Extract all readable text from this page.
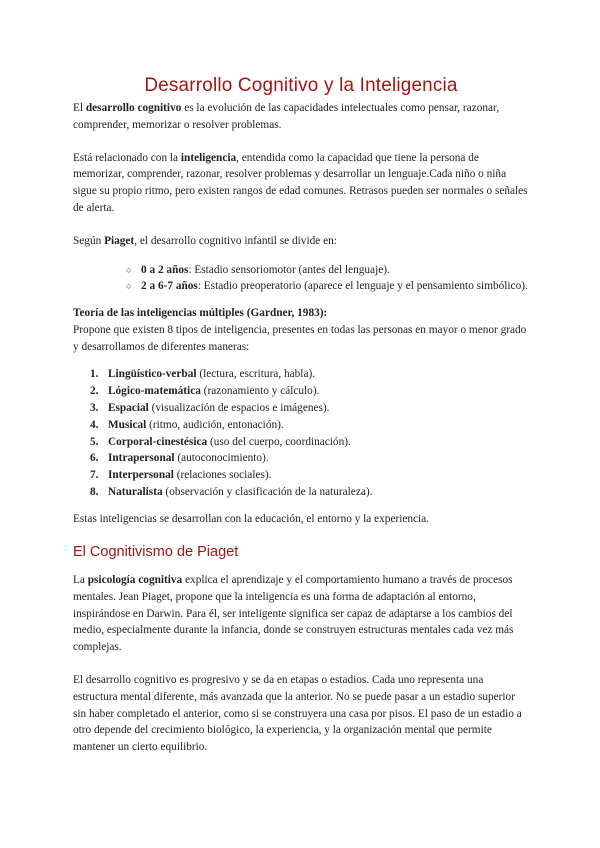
Desarrollo Cognitivo y la Inteligencia

El desarrollo cognitivo es la evolución de las capacidades intelectuales como pensar, razonar, comprender, memorizar o resolver problemas.

Está relacionado con la inteligencia, entendida como la capacidad que tiene la persona de memorizar, comprender, razonar, resolver problemas y desarrollar un lenguaje.Cada niño o niña sigue su propio ritmo, pero existen rangos de edad comunes. Retrasos pueden ser normales o señales de alerta.

Según Piaget, el desarrollo cognitivo infantil se divide en:

○ 0 a 2 años: Estadio sensoriomotor (antes del lenguaje).
○ 2 a 6-7 años: Estadio preoperatorio (aparece el lenguaje y el pensamiento simbólico).

Teoría de las inteligencias múltiples (Gardner, 1983):

Propone que existen 8 tipos de inteligencia, presentes en todas las personas en mayor o menor grado y desarrollamos de diferentes maneras:

1. Lingüístico-verbal (lectura, escritura, habla).
2. Lógico-matemática (razonamiento y cálculo).
3. Espacial (visualización de espacios e imágenes).
4. Musical (ritmo, audición, entonación).
5. Corporal-cinestésica (uso del cuerpo, coordinación).
6. Intrapersonal (autoconocimiento).
7. Interpersonal (relaciones sociales).
8. Naturalista (observación y clasificación de la naturaleza).

Estas inteligencias se desarrollan con la educación, el entorno y la experiencia.

El Cognitivismo de Piaget

La psicología cognitiva explica el aprendizaje y el comportamiento humano a través de procesos mentales. Jean Piaget, propone que la inteligencia es una forma de adaptación al entorno, inspirándose en Darwin. Para él, ser inteligente significa ser capaz de adaptarse a los cambios del medio, especialmente durante la infancia, donde se construyen estructuras mentales cada vez más complejas.

El desarrollo cognitivo es progresivo y se da en etapas o estadios. Cada uno representa una estructura mental diferente, más avanzada que la anterior. No se puede pasar a un estadio superior sin haber completado el anterior, como si se construyera una casa por pisos. El paso de un estadio a otro depende del crecimiento biológico, la experiencia, y la organización mental que permite mantener un cierto equilibrio.
